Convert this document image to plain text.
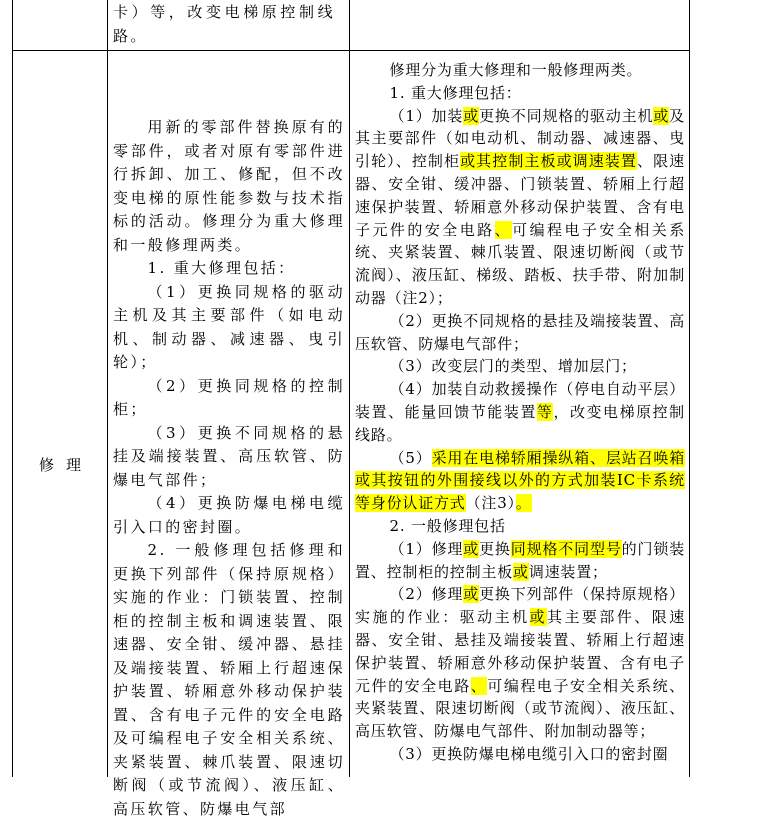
卡）等，改变电梯原控制线路。

修理

用新的零部件替换原有的零部件，或者对原有零部件进行拆卸、加工、修配，但不改变电梯的原性能参数与技术指标的活动。修理分为重大修理和一般修理两类。

1. 重大修理包括：

（1）更换同规格的驱动主机及其主要部件（如电动机、制动器、减速器、曳引轮）；

（2）更换同规格的控制柜；

（3）更换不同规格的悬挂及端接装置、高压软管、防爆电气部件；

（4）更换防爆电梯电缆引入口的密封圈。

2. 一般修理包括修理和更换下列部件（保持原规格）实施的作业：门锁装置、控制柜的控制主板和调速装置、限速器、安全钳、缓冲器、悬挂及端接装置、轿厢上行超速保护装置、轿厢意外移动保护装置、含有电子元件的安全电路及可编程电子安全相关系统、夹紧装置、棘爪装置、限速切断阀（或节流阀）、液压缸、高压软管、防爆电气部

修理分为重大修理和一般修理两类。

1. 重大修理包括：

（1）加装或更换不同规格的驱动主机或及其主要部件（如电动机、制动器、减速器、曳引轮）、控制柜或其控制主板或调速装置、限速器、安全钳、缓冲器、门锁装置、轿厢上行超速保护装置、轿厢意外移动保护装置、含有电子元件的安全电路、可编程电子安全相关系统、夹紧装置、棘爪装置、限速切断阀（或节流阀）、液压缸、梯级、踏板、扶手带、附加制动器（注2）；

（2）更换不同规格的悬挂及端接装置、高压软管、防爆电气部件；

（3）改变层门的类型、增加层门；

（4）加装自动救援操作（停电自动平层）装置、能量回馈节能装置等，改变电梯原控制线路。

（5）采用在电梯轿厢操纵箱、层站召唤箱或其按钮的外围接线以外的方式加装IC卡系统等身份认证方式（注3）。

2. 一般修理包括

（1）修理或更换同规格不同型号的门锁装置、控制柜的控制主板或调速装置；

（2）修理或更换下列部件（保持原规格）实施的作业：驱动主机或其主要部件、限速器、安全钳、悬挂及端接装置、轿厢上行超速保护装置、轿厢意外移动保护装置、含有电子元件的安全电路、可编程电子安全相关系统、夹紧装置、限速切断阀（或节流阀）、液压缸、高压软管、防爆电气部件、附加制动器等；

（3）更换防爆电梯电缆引入口的密封圈
